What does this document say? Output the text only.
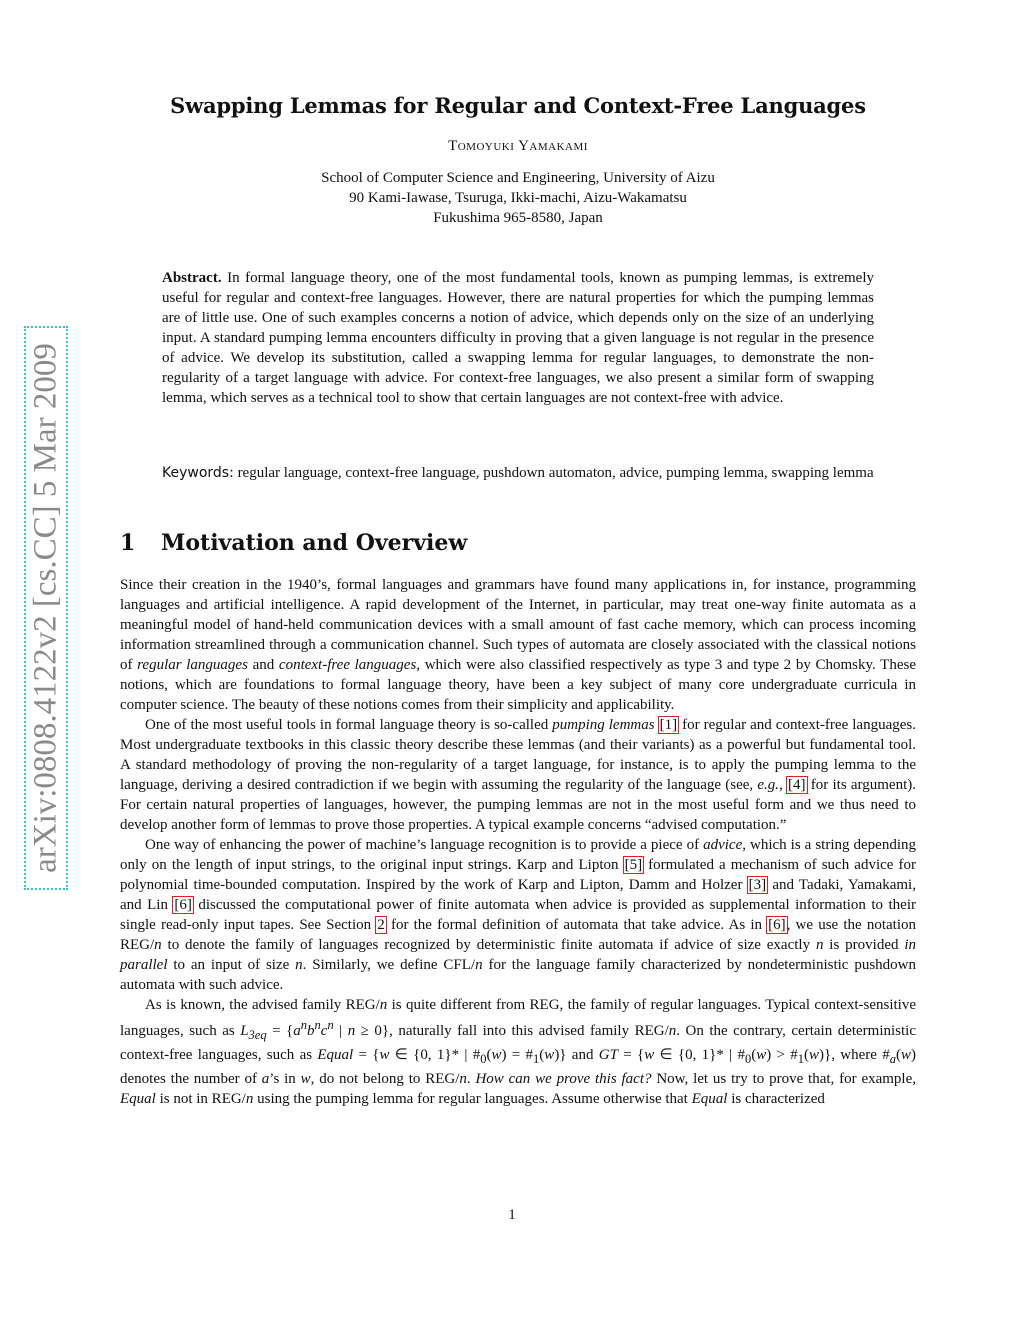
arXiv:0808.4122v2 [cs.CC] 5 Mar 2009
Swapping Lemmas for Regular and Context-Free Languages
Tomoyuki Yamakami
School of Computer Science and Engineering, University of Aizu
90 Kami-Iawase, Tsuruga, Ikki-machi, Aizu-Wakamatsu
Fukushima 965-8580, Japan
Abstract. In formal language theory, one of the most fundamental tools, known as pumping lemmas, is extremely useful for regular and context-free languages. However, there are natural properties for which the pumping lemmas are of little use. One of such examples concerns a notion of advice, which depends only on the size of an underlying input. A standard pumping lemma encounters difficulty in proving that a given language is not regular in the presence of advice. We develop its substitution, called a swapping lemma for regular languages, to demonstrate the non-regularity of a target language with advice. For context-free languages, we also present a similar form of swapping lemma, which serves as a technical tool to show that certain languages are not context-free with advice.
Keywords: regular language, context-free language, pushdown automaton, advice, pumping lemma, swapping lemma
1 Motivation and Overview

Since their creation in the 1940’s, formal languages and grammars have found many applications in, for instance, programming languages and artificial intelligence. A rapid development of the Internet, in particular, may treat one-way finite automata as a meaningful model of hand-held communication devices with a small amount of fast cache memory, which can process incoming information streamlined through a communication channel. Such types of automata are closely associated with the classical notions of regular languages and context-free languages, which were also classified respectively as type 3 and type 2 by Chomsky. These notions, which are foundations to formal language theory, have been a key subject of many core undergraduate curricula in computer science. The beauty of these notions comes from their simplicity and applicability.

One of the most useful tools in formal language theory is so-called pumping lemmas [1] for regular and context-free languages. Most undergraduate textbooks in this classic theory describe these lemmas (and their variants) as a powerful but fundamental tool. A standard methodology of proving the non-regularity of a target language, for instance, is to apply the pumping lemma to the language, deriving a desired contradiction if we begin with assuming the regularity of the language (see, e.g., [4] for its argument). For certain natural properties of languages, however, the pumping lemmas are not in the most useful form and we thus need to develop another form of lemmas to prove those properties. A typical example concerns “advised computation.”

One way of enhancing the power of machine’s language recognition is to provide a piece of advice, which is a string depending only on the length of input strings, to the original input strings. Karp and Lipton [5] formulated a mechanism of such advice for polynomial time-bounded computation. Inspired by the work of Karp and Lipton, Damm and Holzer [3] and Tadaki, Yamakami, and Lin [6] discussed the computational power of finite automata when advice is provided as supplemental information to their single read-only input tapes. See Section 2 for the formal definition of automata that take advice. As in [6], we use the notation REG/n to denote the family of languages recognized by deterministic finite automata if advice of size exactly n is provided in parallel to an input of size n. Similarly, we define CFL/n for the language family characterized by nondeterministic pushdown automata with such advice.

As is known, the advised family REG/n is quite different from REG, the family of regular languages. Typical context-sensitive languages, such as $L_{3eq} = \{a^nb^nc^n$ | n ≥ 0}, naturally fall into this advised family REG/n. On the contrary, certain deterministic context-free languages, such as Equal = {w ∈ {0, 1}* | $\#_0(w)$ = $\#_1(w)$} and GT = {w ∈ {0, 1}* | $\#_0(w)$ > $\#_1(w)$}, where $\#_a(w)$ denotes the number of a’s in w, do not belong to REG/n. How can we prove this fact? Now, let us try to prove that, for example, Equal is not in REG/n using the pumping lemma for regular languages. Assume otherwise that Equal is characterized

1
